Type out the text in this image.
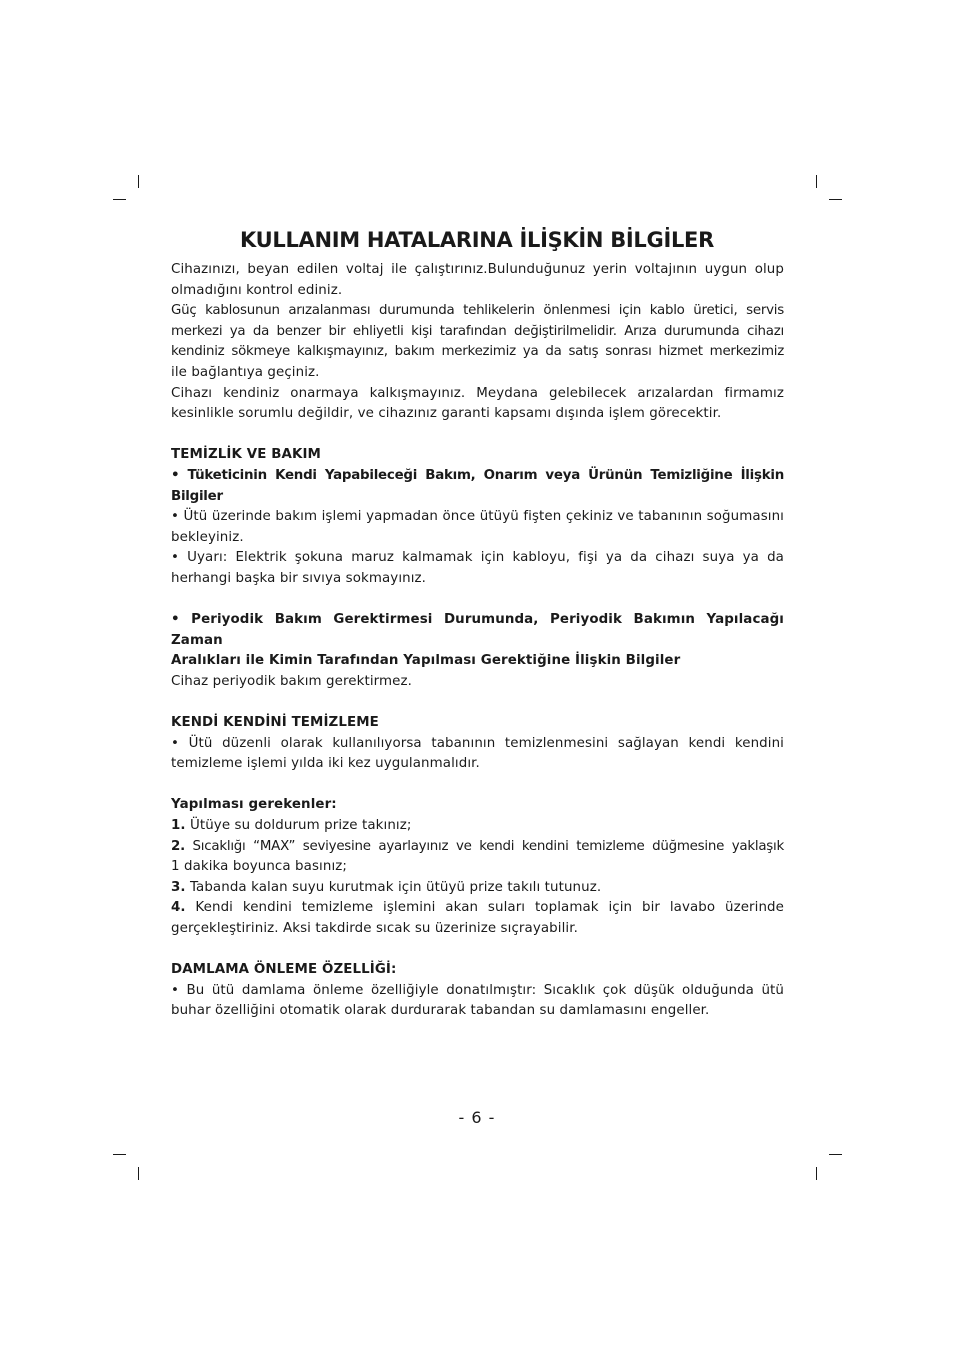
KULLANIM HATALARINA İLİŞKİN BİLGİLER

Cihazınızı, beyan edilen voltaj ile çalıştırınız.Bulunduğunuz yerin voltajının uygun olup

olmadığını kontrol ediniz.

Güç kablosunun arızalanması durumunda tehlikelerin önlenmesi için kablo üretici, servis

merkezi ya da benzer bir ehliyetli kişi tarafından değiştirilmelidir. Arıza durumunda cihazı

kendiniz sökmeye kalkışmayınız, bakım merkezimiz ya da satış sonrası hizmet merkezimiz

ile bağlantıya geçiniz.

Cihazı kendiniz onarmaya kalkışmayınız. Meydana gelebilecek arızalardan firmamız

kesinlikle sorumlu değildir, ve cihazınız garanti kapsamı dışında işlem görecektir.

TEMİZLİK VE BAKIM

• Tüketicinin Kendi Yapabileceği Bakım, Onarım veya Ürünün Temizliğine İlişkin Bilgiler

• Ütü üzerinde bakım işlemi yapmadan önce ütüyü fişten çekiniz ve tabanının soğumasını

bekleyiniz.

• Uyarı: Elektrik şokuna maruz kalmamak için kabloyu, fişi ya da cihazı suya ya da

herhangi başka bir sıvıya sokmayınız.

• Periyodik Bakım Gerektirmesi Durumunda, Periyodik Bakımın Yapılacağı Zaman

Aralıkları ile Kimin Tarafından Yapılması Gerektiğine İlişkin Bilgiler

Cihaz periyodik bakım gerektirmez.

KENDİ KENDİNİ TEMİZLEME

• Ütü düzenli olarak kullanılıyorsa tabanının temizlenmesini sağlayan kendi kendini

temizleme işlemi yılda iki kez uygulanmalıdır.

Yapılması gerekenler:

1. Ütüye su doldurum prize takınız;

2. Sıcaklığı “MAX” seviyesine ayarlayınız ve kendi kendini temizleme düğmesine yaklaşık

1 dakika boyunca basınız;

3. Tabanda kalan suyu kurutmak için ütüyü prize takılı tutunuz.

4. Kendi kendini temizleme işlemini akan suları toplamak için bir lavabo üzerinde

gerçekleştiriniz. Aksi takdirde sıcak su üzerinize sıçrayabilir.

DAMLAMA ÖNLEME ÖZELLİĞİ:

• Bu ütü damlama önleme özelliğiyle donatılmıştır: Sıcaklık çok düşük olduğunda ütü

buhar özelliğini otomatik olarak durdurarak tabandan su damlamasını engeller.

- 6 -
